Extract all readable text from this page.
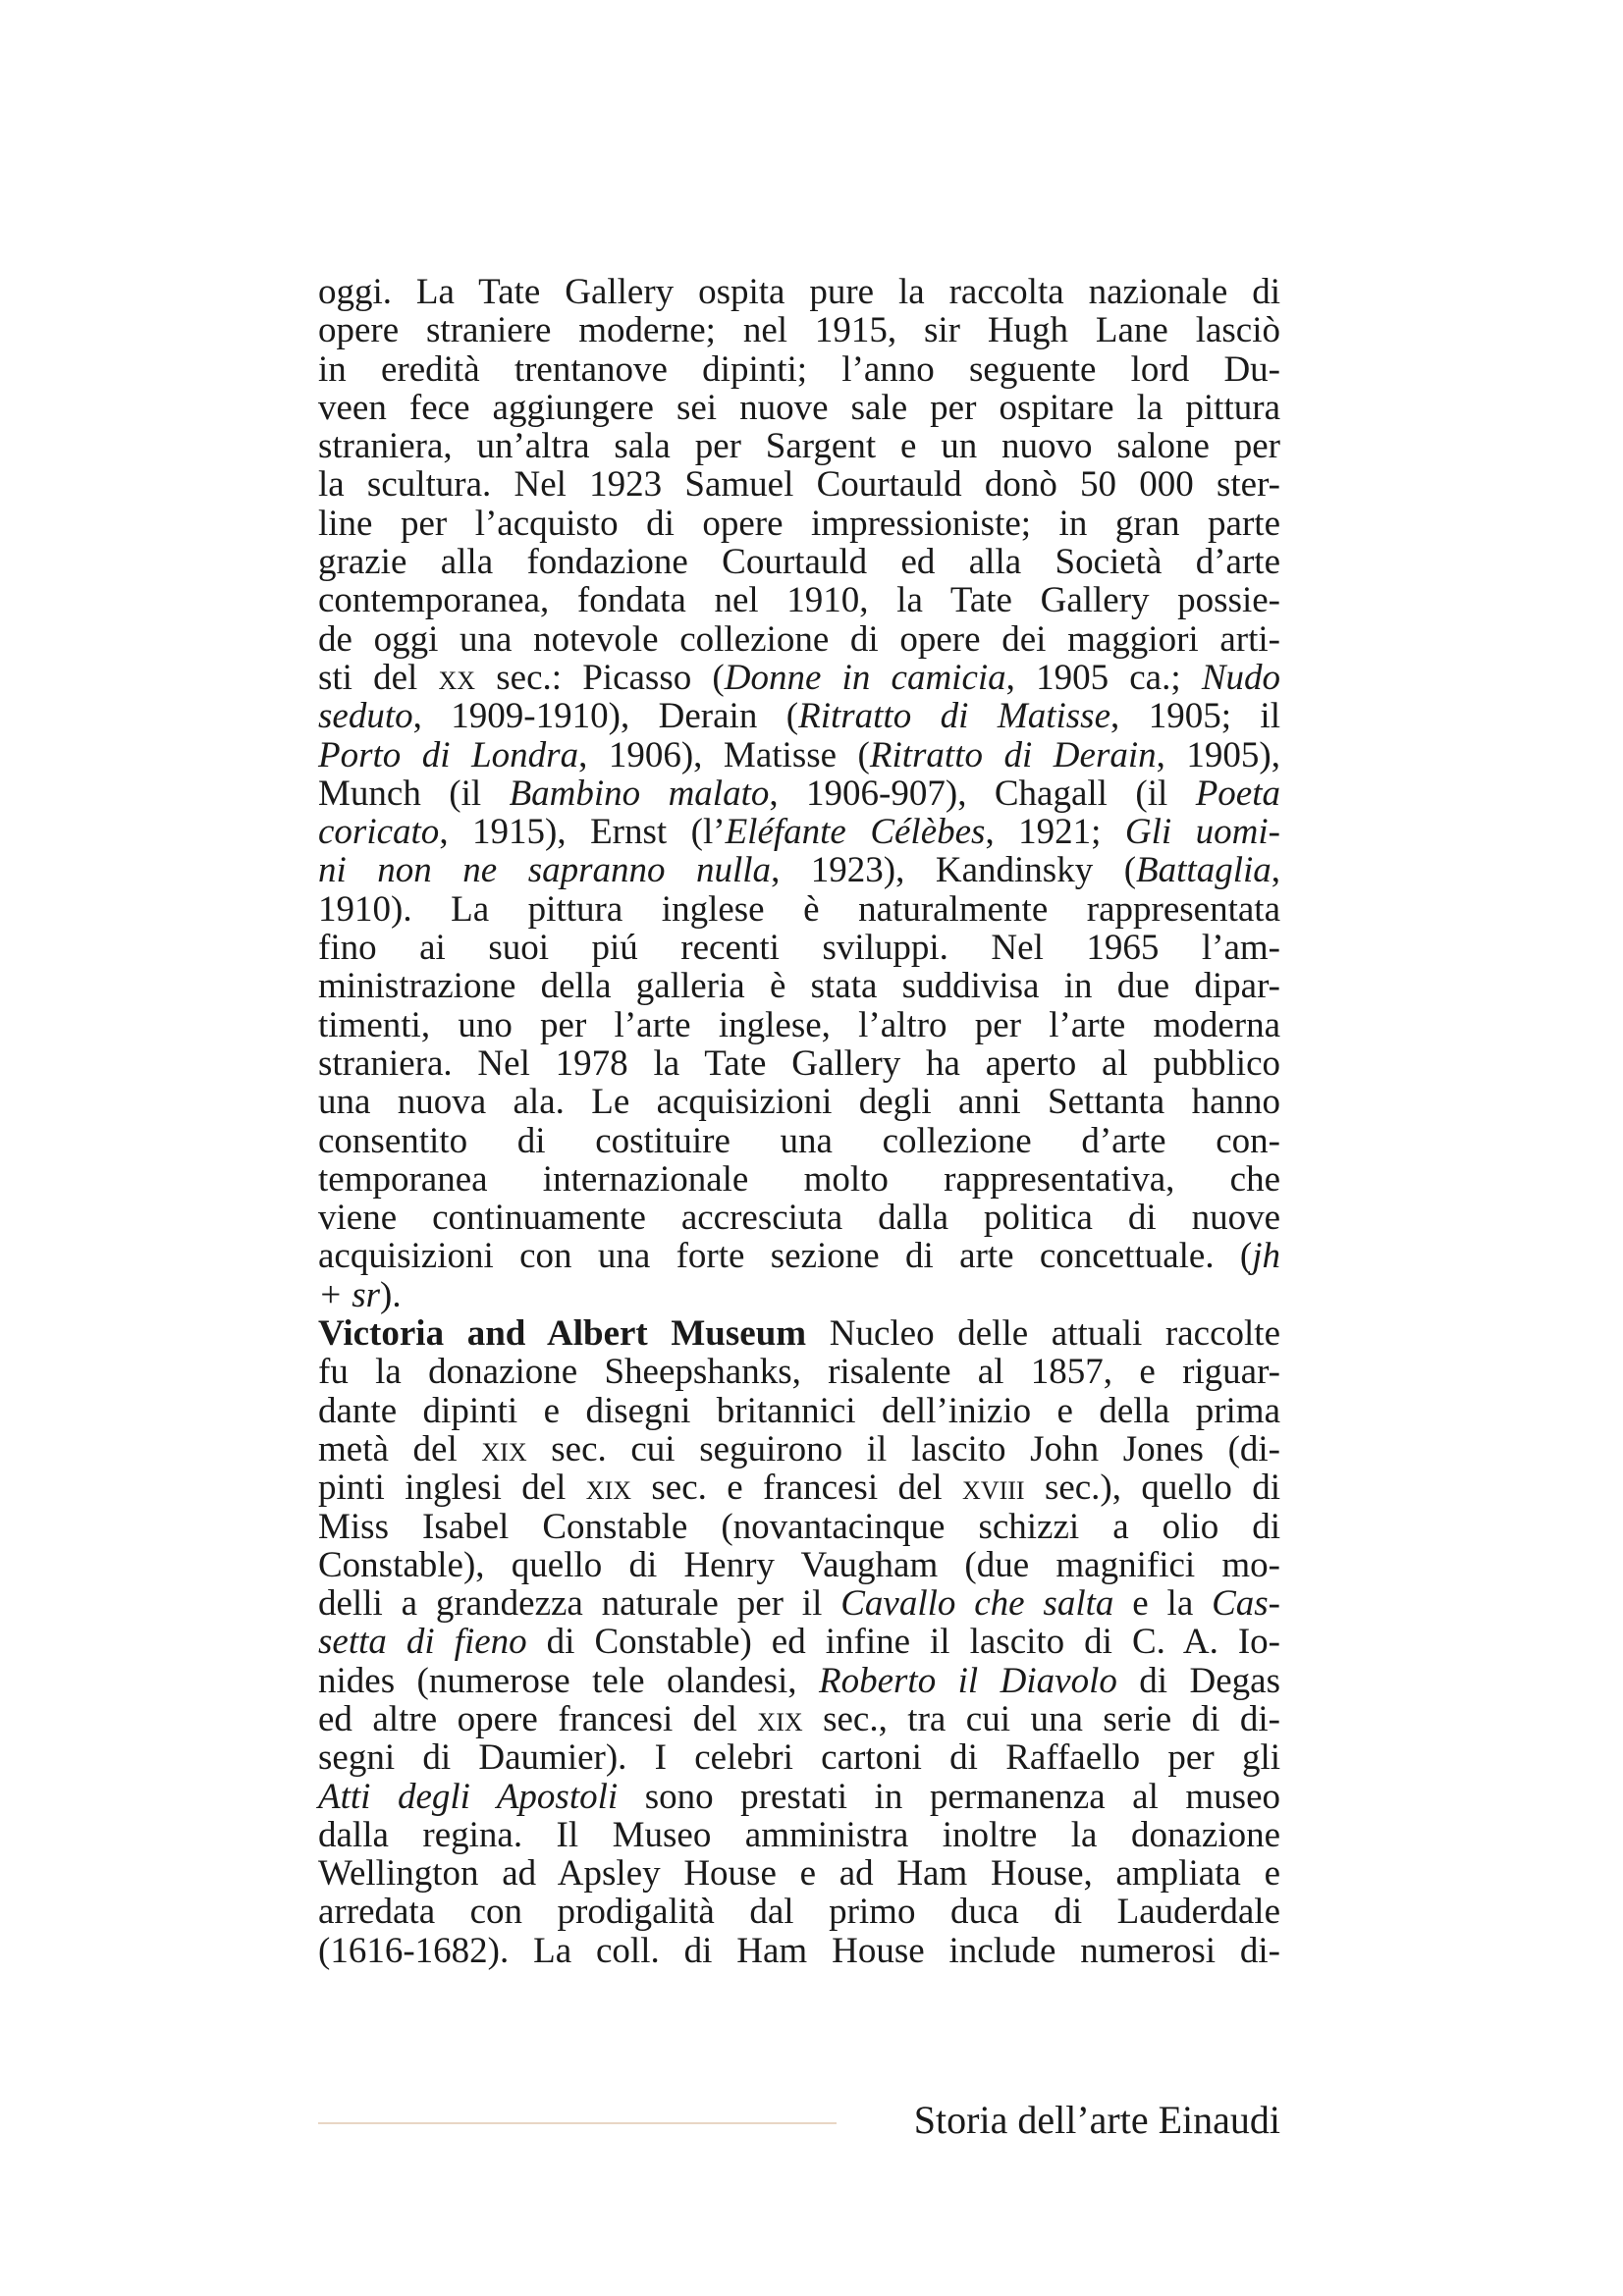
oggi. La Tate Gallery ospita pure la raccolta nazionale di
opere straniere moderne; nel 1915, sir Hugh Lane lasciò
in eredità trentanove dipinti; l’anno seguente lord Du-
veen fece aggiungere sei nuove sale per ospitare la pittura
straniera, un’altra sala per Sargent e un nuovo salone per
la scultura. Nel 1923 Samuel Courtauld donò 50 000 ster-
line per l’acquisto di opere impressioniste; in gran parte
grazie alla fondazione Courtauld ed alla Società d’arte
contemporanea, fondata nel 1910, la Tate Gallery possie-
de oggi una notevole collezione di opere dei maggiori arti-
sti del xx sec.: Picasso (Donne in camicia, 1905 ca.; Nudo
seduto, 1909-1910), Derain (Ritratto di Matisse, 1905; il
Porto di Londra, 1906), Matisse (Ritratto di Derain, 1905),
Munch (il Bambino malato, 1906-907), Chagall (il Poeta
coricato, 1915), Ernst (l’Eléfante Célèbes, 1921; Gli uomi-
ni non ne sapranno nulla, 1923), Kandinsky (Battaglia,
1910). La pittura inglese è naturalmente rappresentata
fino ai suoi piú recenti sviluppi. Nel 1965 l’am-
ministrazione della galleria è stata suddivisa in due dipar-
timenti, uno per l’arte inglese, l’altro per l’arte moderna
straniera. Nel 1978 la Tate Gallery ha aperto al pubblico
una nuova ala. Le acquisizioni degli anni Settanta hanno
consentito di costituire una collezione d’arte con-
temporanea internazionale molto rappresentativa, che
viene continuamente accresciuta dalla politica di nuove
acquisizioni con una forte sezione di arte concettuale. (jh
+ sr).
Victoria and Albert Museum Nucleo delle attuali raccolte
fu la donazione Sheepshanks, risalente al 1857, e riguar-
dante dipinti e disegni britannici dell’inizio e della prima
metà del xix sec. cui seguirono il lascito John Jones (di-
pinti inglesi del xix sec. e francesi del xviii sec.), quello di
Miss Isabel Constable (novantacinque schizzi a olio di
Constable), quello di Henry Vaugham (due magnifici mo-
delli a grandezza naturale per il Cavallo che salta e la Cas-
setta di fieno di Constable) ed infine il lascito di C. A. Io-
nides (numerose tele olandesi, Roberto il Diavolo di Degas
ed altre opere francesi del xix sec., tra cui una serie di di-
segni di Daumier). I celebri cartoni di Raffaello per gli
Atti degli Apostoli sono prestati in permanenza al museo
dalla regina. Il Museo amministra inoltre la donazione
Wellington ad Apsley House e ad Ham House, ampliata e
arredata con prodigalità dal primo duca di Lauderdale
(1616-1682). La coll. di Ham House include numerosi di-
Storia dell’arte Einaudi
